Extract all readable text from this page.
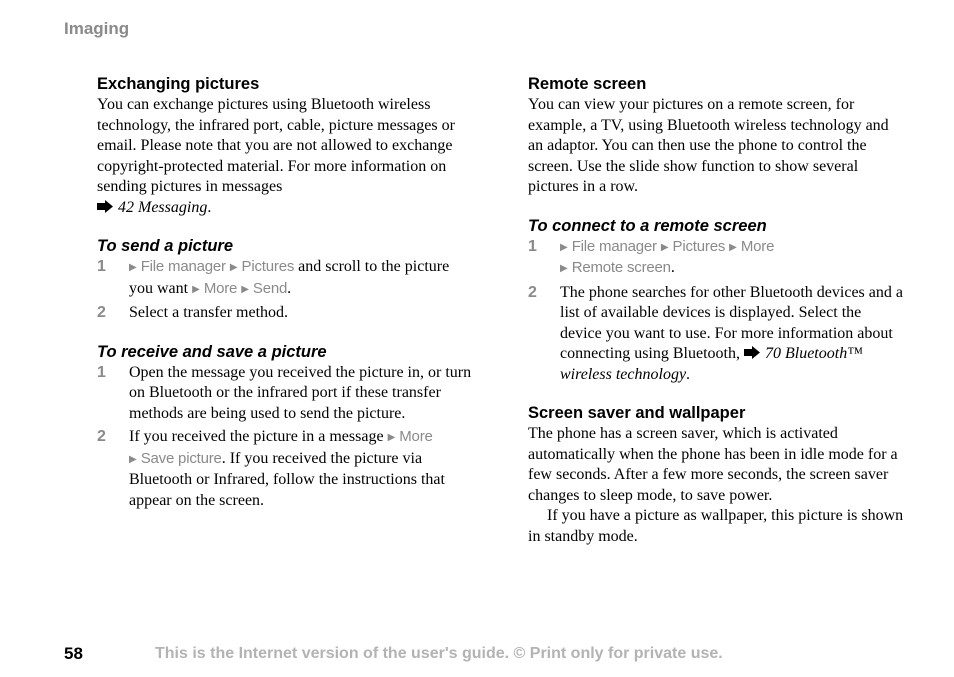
Imaging
Exchanging pictures

You can exchange pictures using Bluetooth wireless technology, the infrared port, cable, picture messages or email. Please note that you are not allowed to exchange copyright-protected material. For more information on sending pictures in messages
42 Messaging.

To send a picture
1	▶ File manager ▶ Pictures and scroll to the picture you want ▶ More ▶ Send.
2	Select a transfer method.
To receive and save a picture
1	Open the message you received the picture in, or turn on Bluetooth or the infrared port if these transfer methods are being used to send the picture.
2	If you received the picture in a message ▶ More
▶ Save picture. If you received the picture via Bluetooth or Infrared, follow the instructions that appear on the screen.
Remote screen

You can view your pictures on a remote screen, for example, a TV, using Bluetooth wireless technology and an adaptor. You can then use the phone to control the screen. Use the slide show function to show several pictures in a row.

To connect to a remote screen
1	▶ File manager ▶ Pictures ▶ More
▶ Remote screen.
2	The phone searches for other Bluetooth devices and a list of available devices is displayed. Select the device you want to use. For more information about connecting using Bluetooth, 70 Bluetooth™ wireless technology.
Screen saver and wallpaper

The phone has a screen saver, which is activated automatically when the phone has been in idle mode for a few seconds. After a few more seconds, the screen saver changes to sleep mode, to save power.

If you have a picture as wallpaper, this picture is shown in standby mode.

58	This is the Internet version of the user's guide. © Print only for private use.
